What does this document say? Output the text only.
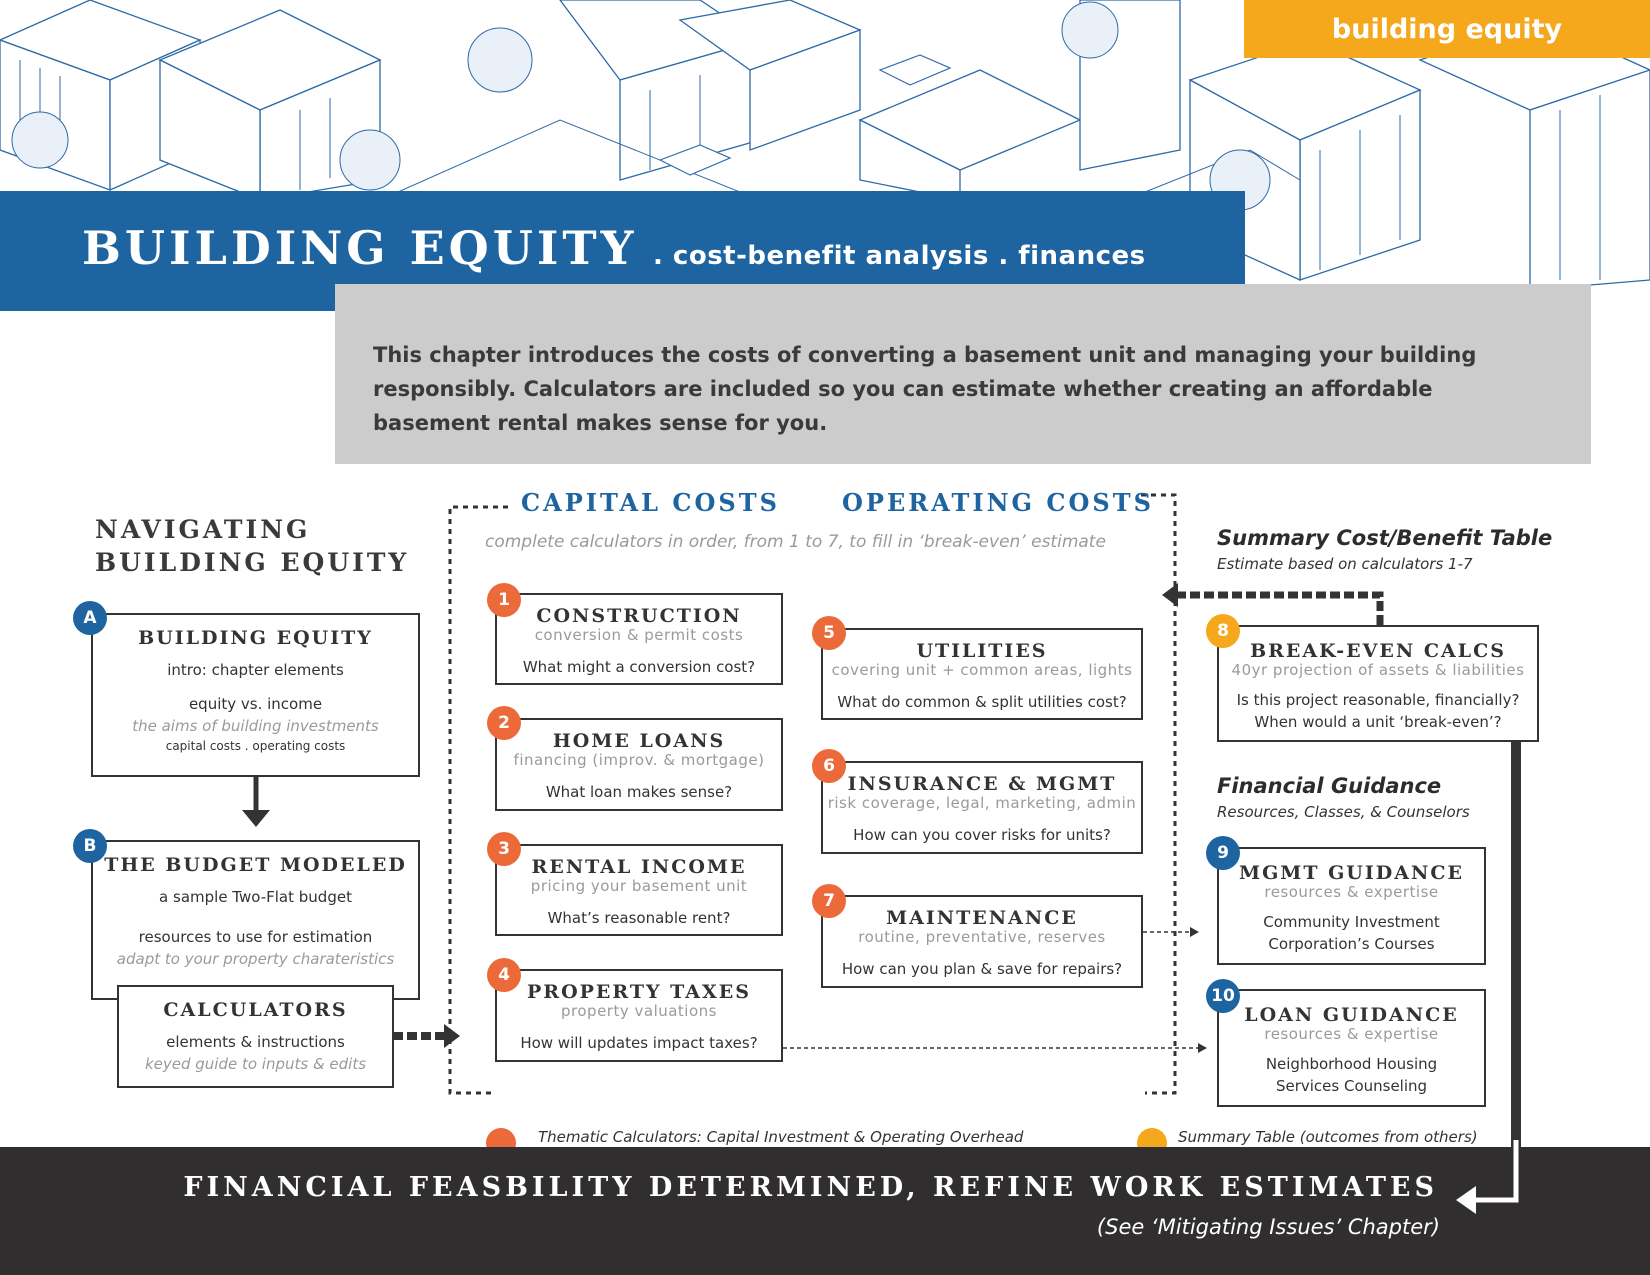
building equity
BUILDING EQUITY . cost-benefit analysis . finances

This chapter introduces the costs of converting a basement unit and managing your building responsibly. Calculators are included so you can estimate whether creating an affordable basement rental makes sense for you.

NAVIGATING
BUILDING EQUITY
BUILDING EQUITY
intro: chapter elements
equity vs. income
the aims of building investments
capital costs . operating costs
A
THE BUDGET MODELED
a sample Two-Flat budget
resources to use for estimation
adapt to your property charateristics
B
CALCULATORS
elements & instructions
keyed guide to inputs & edits
CAPITAL COSTS	OPERATING COSTS
complete calculators in order, from 1 to 7, to fill in ‘break-even’ estimate
CONSTRUCTION
conversion & permit costs
What might a conversion cost?
1
HOME LOANS
financing (improv. & mortgage)
What loan makes sense?
2
RENTAL INCOME
pricing your basement unit
What’s reasonable rent?
3
PROPERTY TAXES
property valuations
How will updates impact taxes?
4
UTILITIES
covering unit + common areas, lights
What do common & split utilities cost?
5
INSURANCE & MGMT
risk coverage, legal, marketing, admin
How can you cover risks for units?
6
MAINTENANCE
routine, preventative, reserves
How can you plan & save for repairs?
7
Summary Cost/Benefit Table
Estimate based on calculators 1-7
BREAK-EVEN CALCS
40yr projection of assets & liabilities
Is this project reasonable, financially?
When would a unit ‘break-even’?
8
Financial Guidance
Resources, Classes, & Counselors
MGMT GUIDANCE
resources & expertise
Community Investment
Corporation’s Courses
9
LOAN GUIDANCE
resources & expertise
Neighborhood Housing
Services Counseling
10
Thematic Calculators: Capital Investment & Operating Overhead	Summary Table (outcomes from others)
FINANCIAL FEASBILITY DETERMINED, REFINE WORK ESTIMATES
(See ‘Mitigating Issues’ Chapter)
